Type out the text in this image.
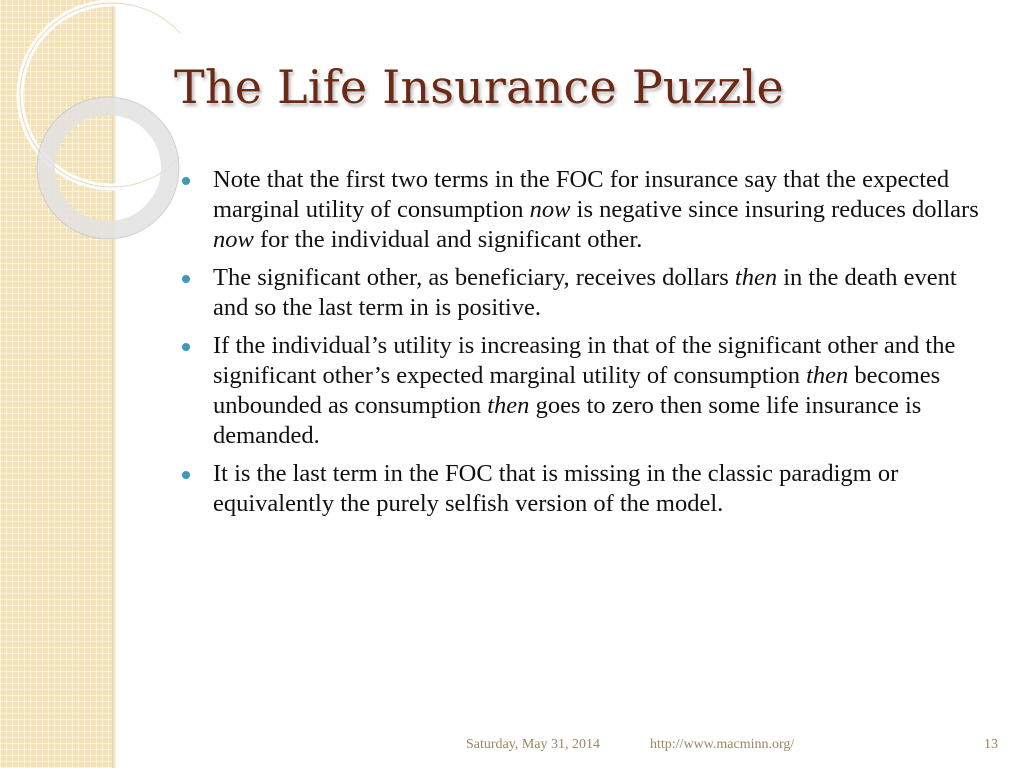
The Life Insurance Puzzle
Note that the first two terms in the FOC for insurance say that the expected marginal utility of consumption now is negative since insuring reduces dollars now for the individual and significant other.
The significant other, as beneficiary, receives dollars then in the death event and so the last term in is positive.
If the individual’s utility is increasing in that of the significant other and the significant other’s expected marginal utility of consumption then becomes unbounded as consumption then goes to zero then some life insurance is demanded.
It is the last term in the FOC that is missing in the classic paradigm or equivalently the purely selfish version of the model.
Saturday, May 31, 2014	http://www.macminn.org/	13
